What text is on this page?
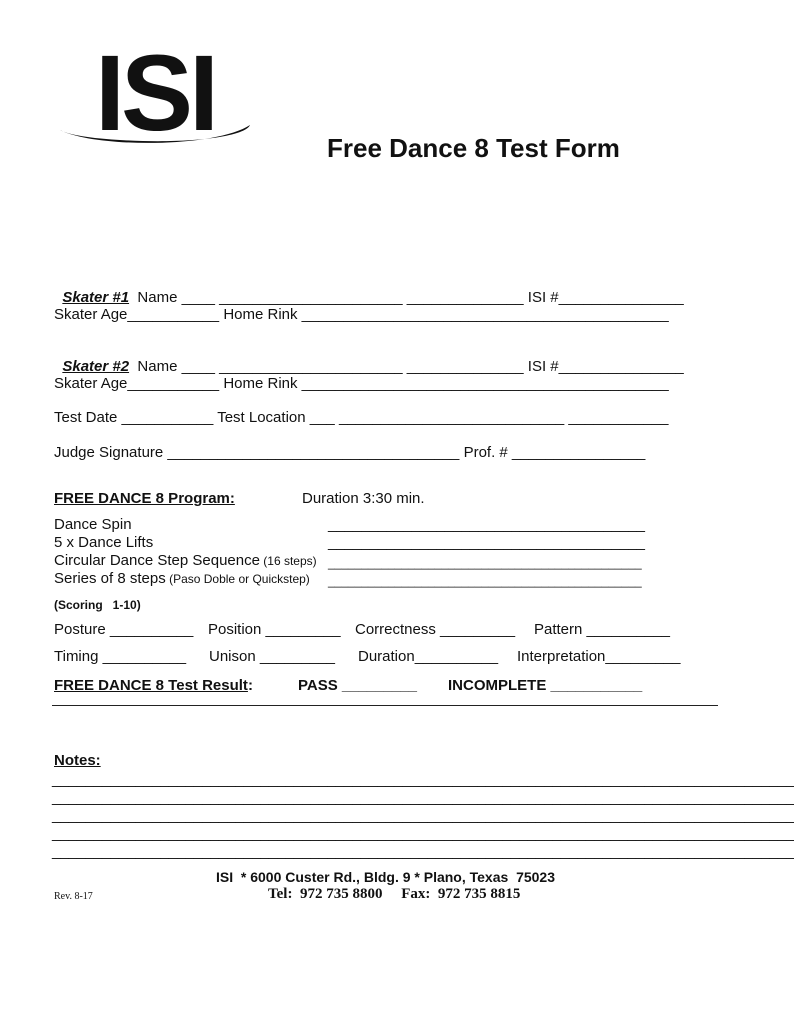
ISI	Free Dance 8 Test Form

Skater #1  Name ____ ______________________ ______________ ISI #_______________

Skater Age___________ Home Rink ____________________________________________

Skater #2  Name ____ ______________________ ______________ ISI #_______________

Skater Age___________ Home Rink ____________________________________________
Test Date ___________ Test Location ___ ___________________________ ____________
Judge Signature ___________________________________ Prof. # ________________
FREE DANCE 8 Program:	Duration 3:30 min.
Dance Spin	______________________________________
5 x Dance Lifts	______________________________________
Circular Dance Step Sequence (16 steps) _______________________________________________
Series of 8 steps (Paso Doble or Quickstep) _______________________________________________
(Scoring   1-10)
Posture __________ Position _________ Correctness _________ Pattern __________
Timing __________ Unison _________ Duration__________ Interpretation_________
FREE DANCE 8 Test Result:	PASS _________ INCOMPLETE ___________
Notes:
_________________________________________________________________________________________
_________________________________________________________________________________________
_________________________________________________________________________________________
_________________________________________________________________________________________
_________________________________________________________________________________________
ISI  * 6000 Custer Rd., Bldg. 9 * Plano, Texas  75023
Rev. 8-17	Tel:  972 735 8800     Fax:  972 735 8815
